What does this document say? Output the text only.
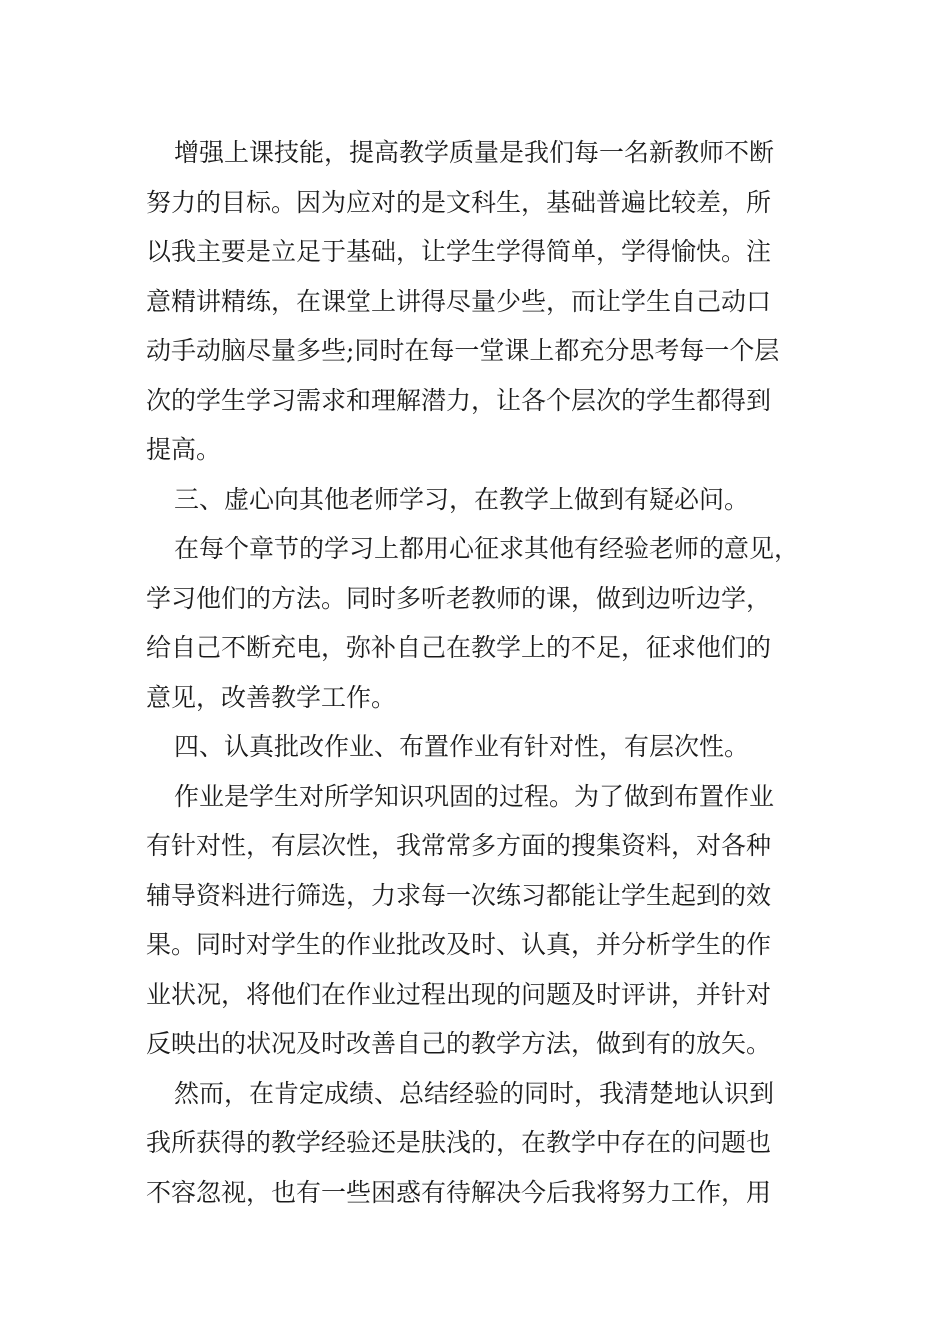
增强上课技能，提高教学质量是我们每一名新教师不断
努力的目标。因为应对的是文科生，基础普遍比较差，所
以我主要是立足于基础，让学生学得简单，学得愉快。注
意精讲精练，在课堂上讲得尽量少些，而让学生自己动口
动手动脑尽量多些;同时在每一堂课上都充分思考每一个层
次的学生学习需求和理解潜力，让各个层次的学生都得到
提高。
三、虚心向其他老师学习，在教学上做到有疑必问。
在每个章节的学习上都用心征求其他有经验老师的意见，
学习他们的方法。同时多听老教师的课，做到边听边学，
给自己不断充电，弥补自己在教学上的不足，征求他们的
意见，改善教学工作。
四、认真批改作业、布置作业有针对性，有层次性。
作业是学生对所学知识巩固的过程。为了做到布置作业
有针对性，有层次性，我常常多方面的搜集资料，对各种
辅导资料进行筛选，力求每一次练习都能让学生起到的效
果。同时对学生的作业批改及时、认真，并分析学生的作
业状况，将他们在作业过程出现的问题及时评讲，并针对
反映出的状况及时改善自己的教学方法，做到有的放矢。
然而，在肯定成绩、总结经验的同时，我清楚地认识到
我所获得的教学经验还是肤浅的，在教学中存在的问题也
不容忽视，也有一些困惑有待解决今后我将努力工作，用
